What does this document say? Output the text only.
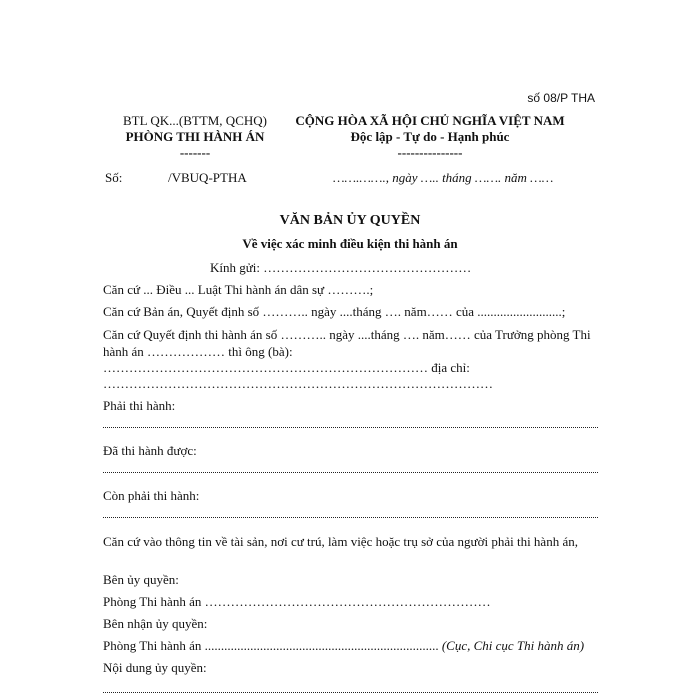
số 08/P THA
BTL QK...(BTTM, QCHQ)
PHÒNG THI HÀNH ÁN
-------
CỘNG HÒA XÃ HỘI CHỦ NGHĨA VIỆT NAM
Độc lập - Tự do - Hạnh phúc
---------------
Số:	/VBUQ-PTHA	…….……., ngày ….. tháng ……. năm ……
VĂN BẢN ỦY QUYỀN
Về việc xác minh điều kiện thi hành án
Kính gửi: …………………………………………
Căn cứ ... Điều ... Luật Thi hành án dân sự ……….;
Căn cứ Bản án, Quyết định số ……….. ngày ....tháng …. năm…… của ..........................;
Căn cứ Quyết định thi hành án số ……….. ngày ....tháng …. năm…… của Trưởng phòng Thi hành án ……………… thì ông (bà):
………………………………………………………………… địa chỉ:
………………………………………………………………………………
Phải thi hành:
Đã thi hành được:
Còn phải thi hành:
Căn cứ vào thông tin về tài sản, nơi cư trú, làm việc hoặc trụ sở của người phải thi hành án,
Bên ủy quyền:
Phòng Thi hành án …………………………………………………………
Bên nhận ủy quyền:
Phòng Thi hành án ........................................................................ (Cục, Chi cục Thi hành án)
Nội dung ủy quyền:
